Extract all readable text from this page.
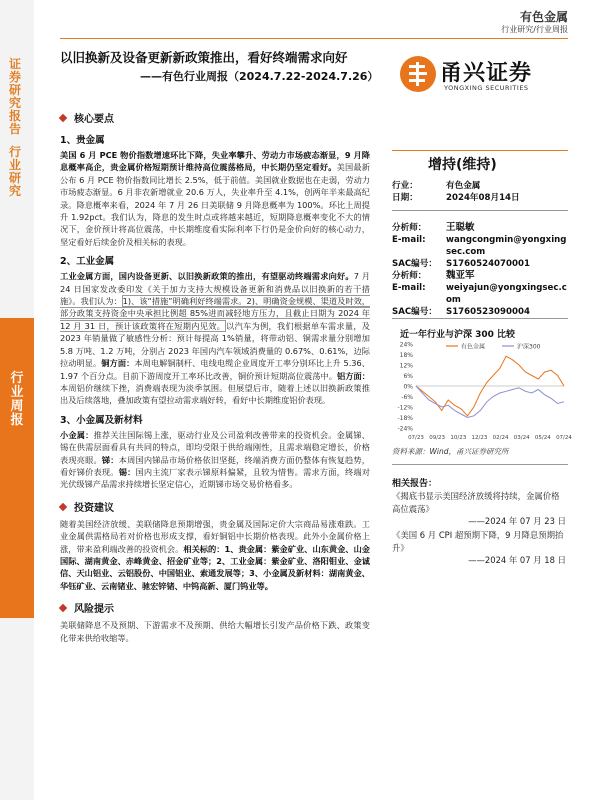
证券研究报告
行业研究
行业周报
有色金属
行业研究/行业周报
以旧换新及设备更新新政策推出，看好终端需求向好
——有色行业周报（2024.7.22-2024.7.26）	甬兴证券
YONGXING SECURITIES
核心要点
1、贵金属
美国 6 月 PCE 物价指数增速环比下降，失业率攀升、劳动力市场疲态渐显，9 月降息概率高企，贵金属价格短期预计维持高位震荡格局，中长期仍坚定看好。美国最新公布 6 月 PCE 物价指数同比增长 2.5%，低于前值。美国就业数据也在走弱，劳动力市场疲态渐显。6 月非农新增就业 20.6 万人，失业率升至 4.1%，创两年半来最高纪录。降息概率来看，2024 年 7 月 26 日美联储 9 月降息概率为 100%。环比上周提升 1.92pct。我们认为，降息的发生时点或将越来越近，短期降息概率变化不大的情况下，金价预计将高位震荡，中长期维度看实际利率下行仍是金价向好的核心动力，坚定看好后续金价及相关标的表现。
2、工业金属
工业金属方面，国内设备更新、以旧换新政策的推出，有望驱动终端需求向好。7 月 24 日国家发改委印发《关于加力支持大规模设备更新和消费品以旧换新的若干措施》。我们认为：1)、该“措施”明确利好终端需求。2)、明确资金规模、渠道及时效，部分政策支持资金中央承担比例超 85%进而减轻地方压力，且截止日期为 2024 年 12 月 31 日，预计该政策将在短期内见效。以汽车为例，我们根据单车需求量，及 2023 年销量做了敏感性分析：预计每提高 1%销量，将带动铝、铜需求量分别增加 5.8 万吨、1.2 万吨，分别占 2023 年国内汽车领域消费量的 0.67%、0.61%，边际拉动明显。铜方面：本周电解铜制杆、电线电缆企业周度开工率分别环比上升 5.36、1.97 个百分点。目前下游周度开工率环比改善，铜价预计短期高位震荡中。铝方面：本周铝价继续下挫，消费端表现为淡季氛围。但展望后市，随着上述以旧换新政策推出及后续落地，叠加政策有望拉动需求端好转，看好中长期维度铝价表现。
3、小金属及新材料
小金属：推荐关注国际锡上涨，驱动行业及公司盈利改善带来的投资机会。金属锑、锡在供需层面看具有共同的特点，即均受限于供给端刚性，且需求端稳定增长，价格表现亮眼。锑：本周国内锑品市场价格依旧坚挺，终端消费方面仍整体有恢复趋势，看好锑价表现。锡：国内主流厂家表示锑原料偏紧，且较为惜售。需求方面，终端对光伏级锑产品需求持续增长坚定信心，近期锑市场交易价格看多。
投资建议
随着美国经济放缓、美联储降息预期增强，贵金属及国际定价大宗商品易涨难跌。工业金属供需格局若对价格也形成支撑，看好铜铝中长期价格表现。此外小金属价格上涨，带来盈利端改善的投资机会。相关标的：1、贵金属：紫金矿业、山东黄金、山金国际、湖南黄金、赤峰黄金、招金矿业等；2、工业金属：紫金矿业、洛阳钼业、金诚信、天山铝业、云铝股份、中国铝业、索通发展等；3、小金属及新材料：湖南黄金、华钰矿业、云南锗业、驰宏锌锗、中钨高新、厦门钨业等。
风险提示
美联储降息不及预期、下游需求不及预期、供给大幅增长引发产品价格下跌、政策变化带来供给收缩等。
增持(维持)
行业：	有色金属
日期：	2024年08月14日
分析师： 王聪敏
E-mail:	wangcongmin@yongxingsec.com
SAC编号： S1760524070001
分析师： 魏亚军
E-mail:	weiyajun@yongxingsec.com
SAC编号： S1760523090004
近一年行业与沪深 300 比较
24%
18%
12%
6%
0%
-6%
-12%
-18%
-24%
07/23 09/23 10/23 12/23 02/24 03/24 05/24 07/24
有色金属	沪深300
资料来源：Wind，甬兴证券研究所
相关报告：
《揭底书显示美国经济放缓将持续，金属价格高位震荡》
——2024 年 07 月 23 日
《美国 6 月 CPI 超预期下降，9 月降息预期抬升》
——2024 年 07 月 18 日
